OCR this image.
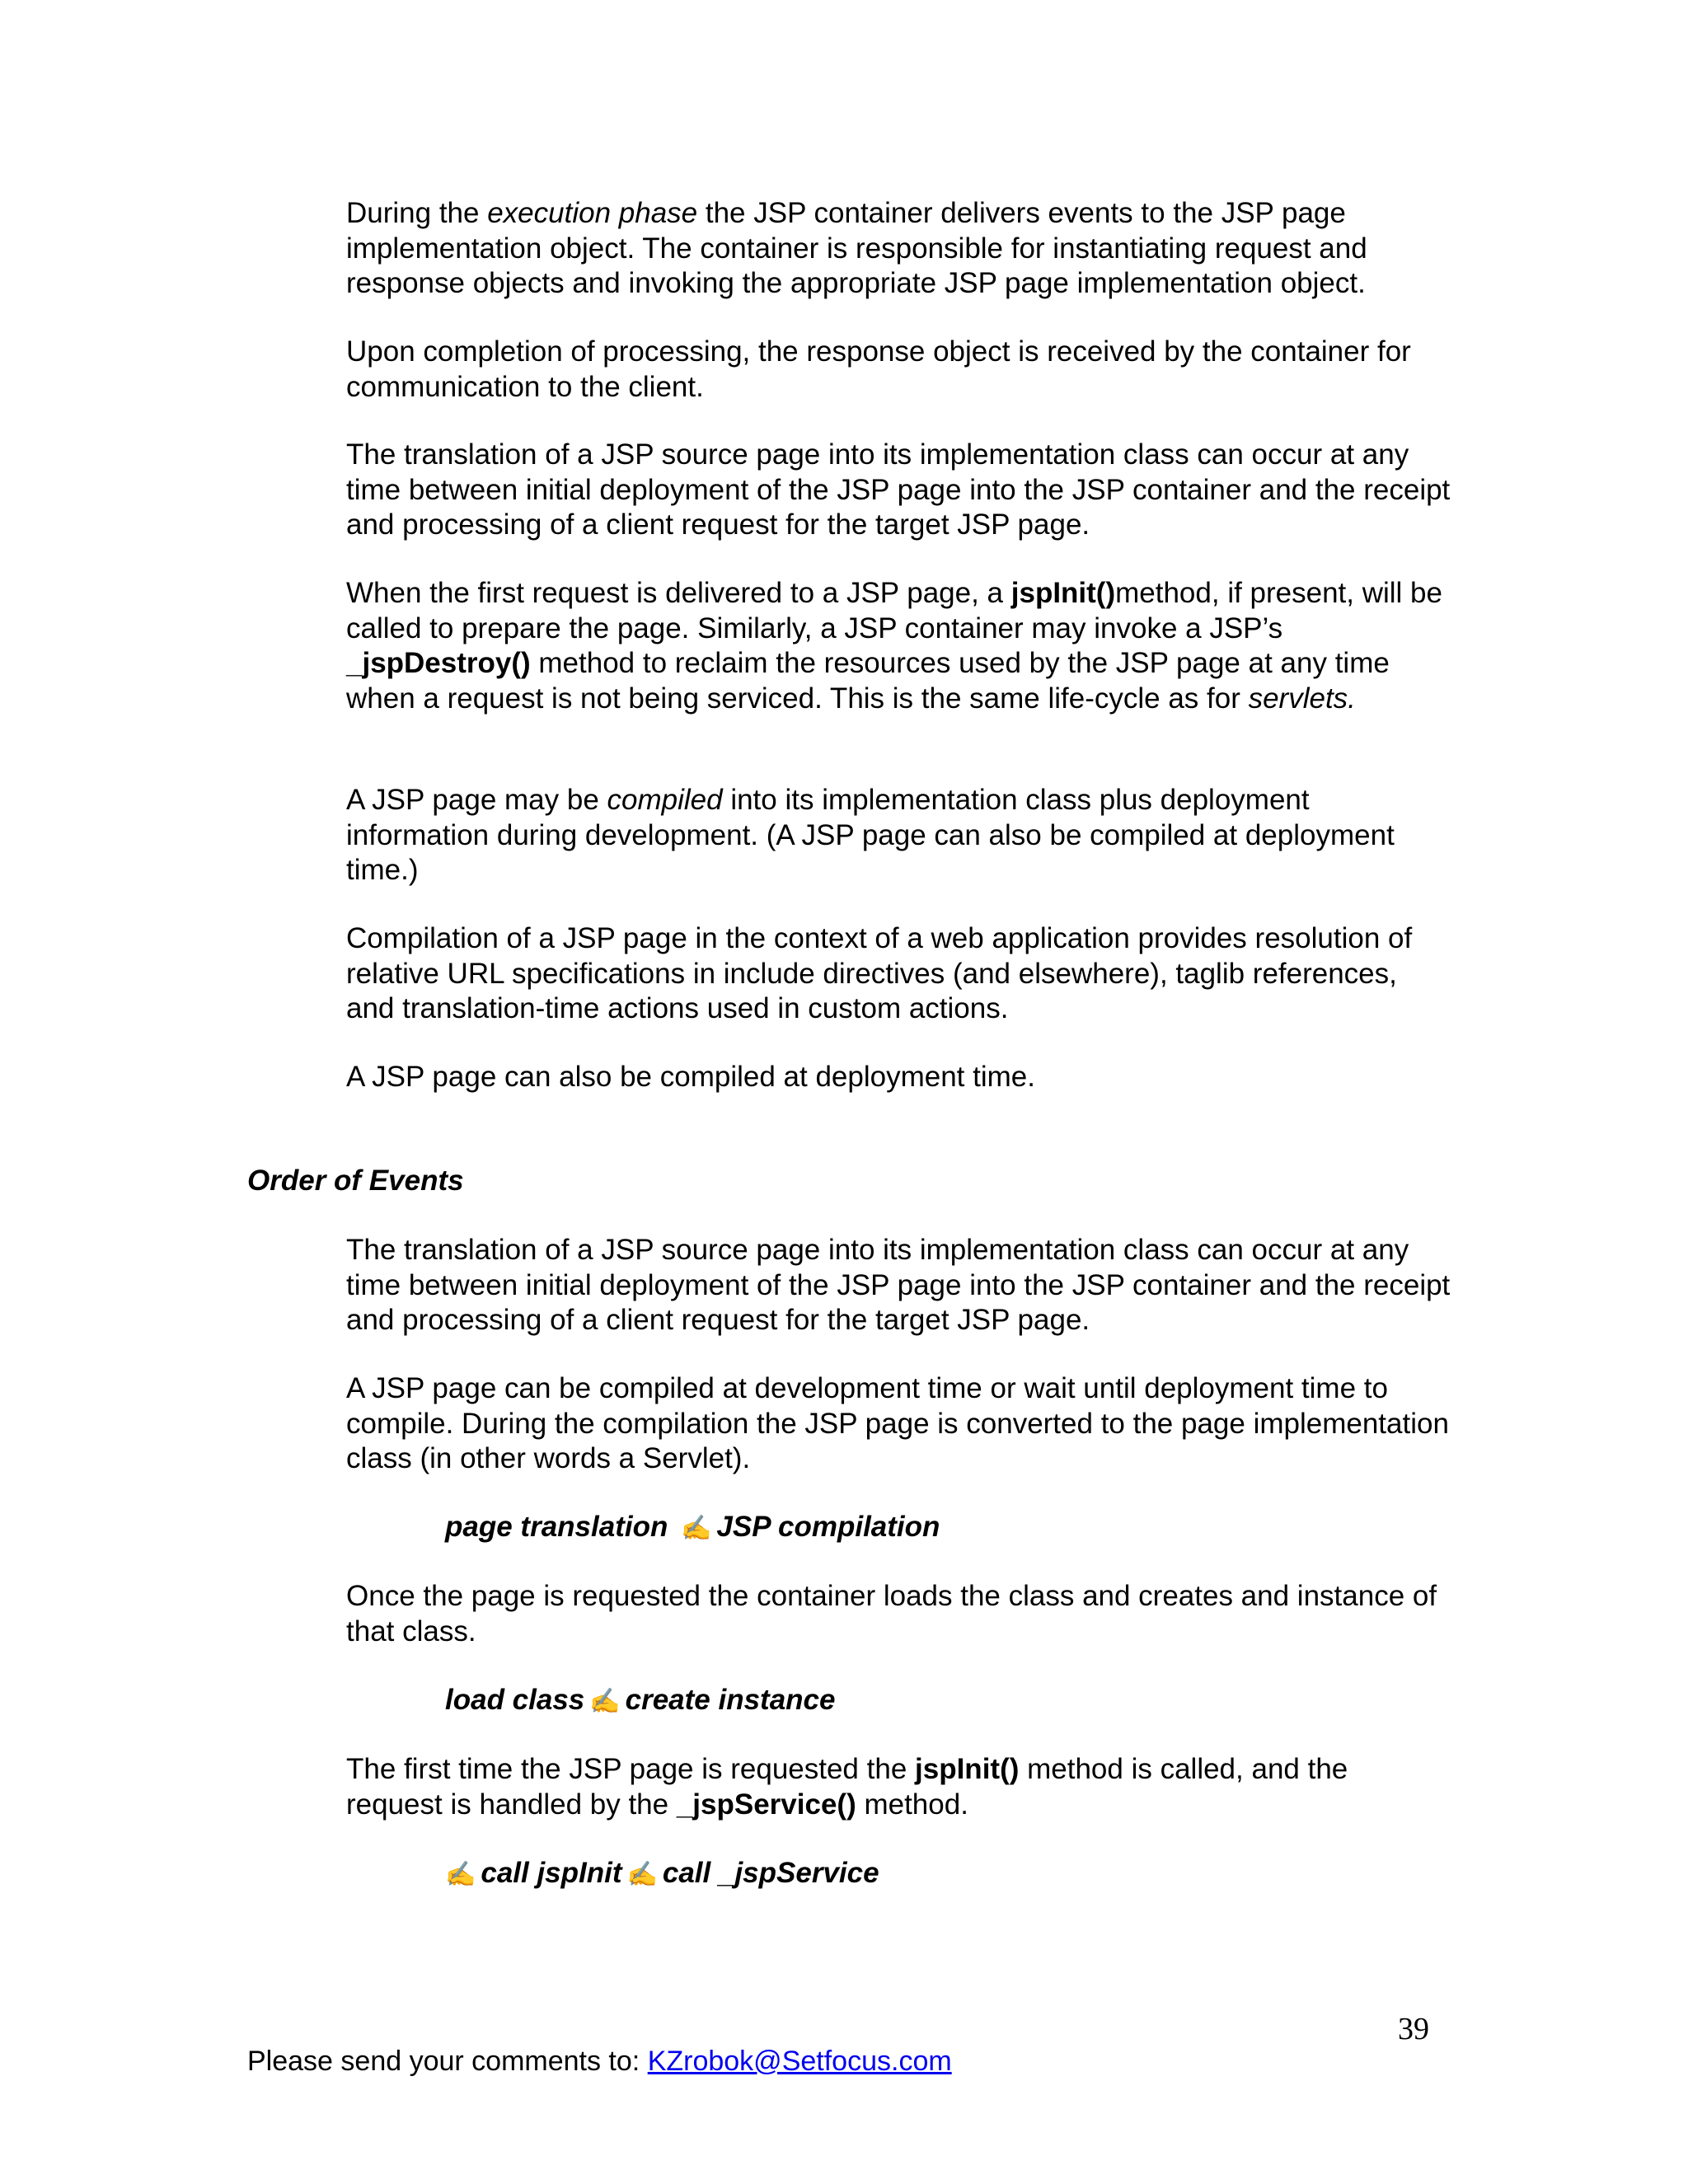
During the execution phase the JSP container delivers events to the JSP page implementation object. The container is responsible for instantiating request and response objects and invoking the appropriate JSP page implementation object.

Upon completion of processing, the response object is received by the container for communication to the client.

The translation of a JSP source page into its implementation class can occur at any time between initial deployment of the JSP page into the JSP container and the receipt and processing of a client request for the target JSP page.

When the first request is delivered to a JSP page, a jspInit()method, if present, will be called to prepare the page. Similarly, a JSP container may invoke a JSP’s _jspDestroy() method to reclaim the resources used by the JSP page at any time when a request is not being serviced. This is the same life-cycle as for servlets.

A JSP page may be compiled into its implementation class plus deployment information during development. (A JSP page can also be compiled at deployment time.)

Compilation of a JSP page in the context of a web application provides resolution of relative URL specifications in include directives (and elsewhere), taglib references, and translation-time actions used in custom actions.

A JSP page can also be compiled at deployment time.

Order of Events

The translation of a JSP source page into its implementation class can occur at any time between initial deployment of the JSP page into the JSP container and the receipt and processing of a client request for the target JSP page.

A JSP page can be compiled at development time or wait until deployment time to compile. During the compilation the JSP page is converted to the page implementation class (in other words a Servlet).

page translation ✍ JSP compilation

Once the page is requested the container loads the class and creates and instance of that class.

load class ✍ create instance

The first time the JSP page is requested the jspInit() method is called, and the request is handled by the _jspService() method.

✍ call jspInit ✍ call _jspService

39
Please send your comments to: KZrobok@Setfocus.com
